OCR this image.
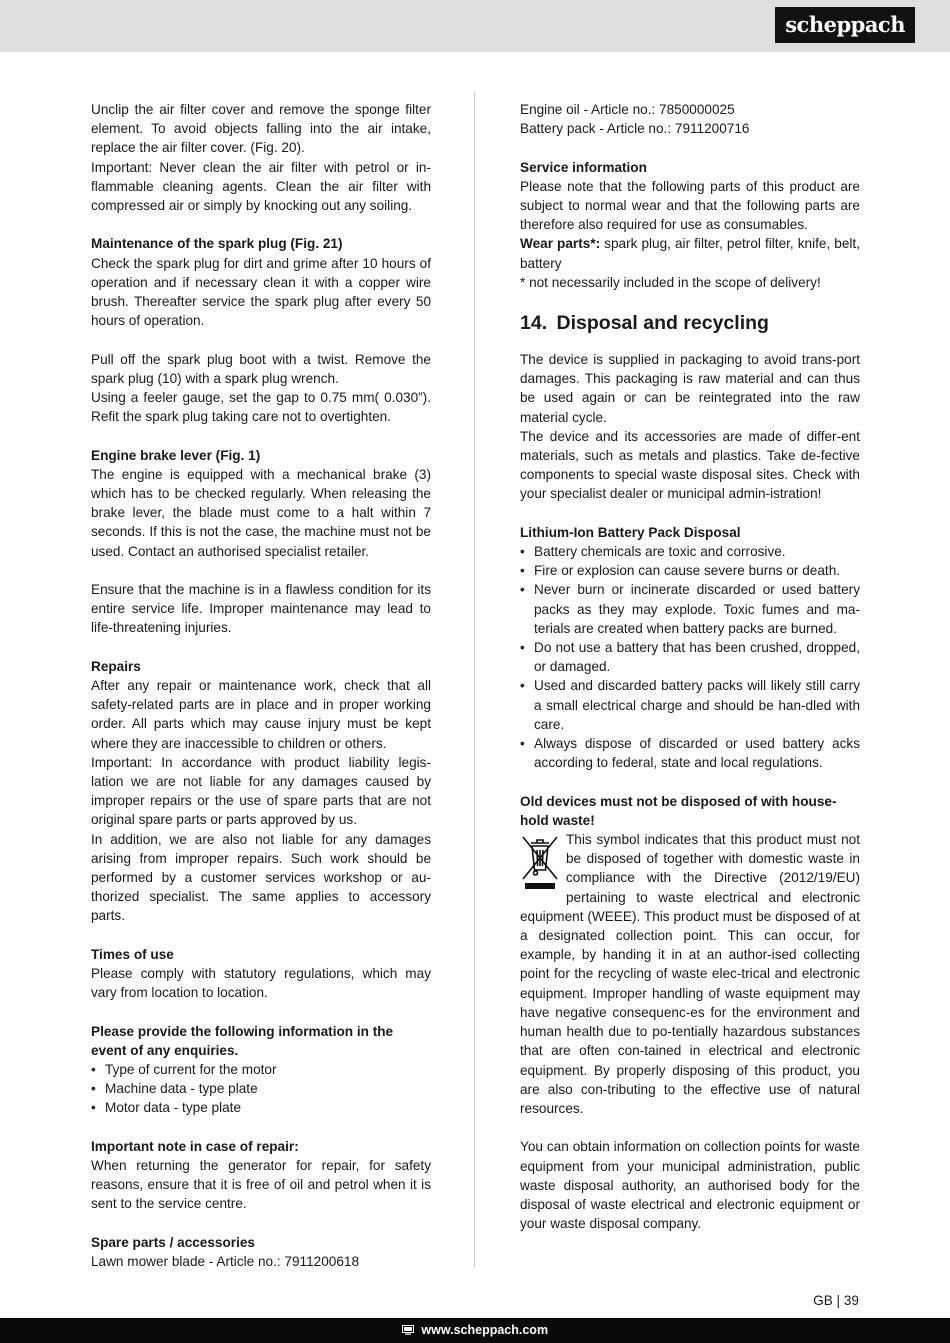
scheppach

Unclip the air filter cover and remove the sponge filter element. To avoid objects falling into the air intake, replace the air filter cover. (Fig. 20).

Important: Never clean the air filter with petrol or in-flammable cleaning agents. Clean the air filter with compressed air or simply by knocking out any soiling.

Maintenance of the spark plug (Fig. 21)

Check the spark plug for dirt and grime after 10 hours of operation and if necessary clean it with a copper wire brush. Thereafter service the spark plug after every 50 hours of operation.

Pull off the spark plug boot with a twist. Remove the spark plug (10) with a spark plug wrench.

Using a feeler gauge, set the gap to 0.75 mm( 0.030”). Refit the spark plug taking care not to overtighten.

Engine brake lever (Fig. 1)

The engine is equipped with a mechanical brake (3) which has to be checked regularly. When releasing the brake lever, the blade must come to a halt within 7 seconds. If this is not the case, the machine must not be used. Contact an authorised specialist retailer.

Ensure that the machine is in a flawless condition for its entire service life. Improper maintenance may lead to life-threatening injuries.

Repairs

After any repair or maintenance work, check that all safety-related parts are in place and in proper working order. All parts which may cause injury must be kept where they are inaccessible to children or others.

Important: In accordance with product liability legis-lation we are not liable for any damages caused by improper repairs or the use of spare parts that are not original spare parts or parts approved by us.

In addition, we are also not liable for any damages arising from improper repairs. Such work should be performed by a customer services workshop or au-thorized specialist. The same applies to accessory parts.

Times of use

Please comply with statutory regulations, which may vary from location to location.

Please provide the following information in the event of any enquiries.

• Type of current for the motor

• Machine data - type plate

• Motor data - type plate

Important note in case of repair:

When returning the generator for repair, for safety reasons, ensure that it is free of oil and petrol when it is sent to the service centre.

Spare parts / accessories

Lawn mower blade - Article no.: 7911200618

Engine oil - Article no.: 7850000025

Battery pack - Article no.: 7911200716

Service information

Please note that the following parts of this product are subject to normal wear and that the following parts are therefore also required for use as consumables.

Wear parts*: spark plug, air filter, petrol filter, knife, belt, battery

* not necessarily included in the scope of delivery!

14. Disposal and recycling

The device is supplied in packaging to avoid trans-port damages. This packaging is raw material and can thus be used again or can be reintegrated into the raw material cycle.

The device and its accessories are made of differ-ent materials, such as metals and plastics. Take de-fective components to special waste disposal sites. Check with your specialist dealer or municipal admin-istration!

Lithium-Ion Battery Pack Disposal

• Battery chemicals are toxic and corrosive.

• Fire or explosion can cause severe burns or death.

• Never burn or incinerate discarded or used battery packs as they may explode. Toxic fumes and ma-terials are created when battery packs are burned.

• Do not use a battery that has been crushed, dropped, or damaged.

• Used and discarded battery packs will likely still carry a small electrical charge and should be han-dled with care.

• Always dispose of discarded or used battery acks according to federal, state and local regulations.

Old devices must not be disposed of with house-hold waste!

This symbol indicates that this product must not be disposed of together with domestic waste in compliance with the Directive (2012/19/EU) pertaining to waste electrical and electronic equipment (WEEE). This product must be disposed of at a designated collection point. This can occur, for example, by handing it in at an author-ised collecting point for the recycling of waste elec-trical and electronic equipment. Improper handling of waste equipment may have negative consequenc-es for the environment and human health due to po-tentially hazardous substances that are often con-tained in electrical and electronic equipment. By properly disposing of this product, you are also con-tributing to the effective use of natural resources.

You can obtain information on collection points for waste equipment from your municipal administration, public waste disposal authority, an authorised body for the disposal of waste electrical and electronic equipment or your waste disposal company.

GB | 39
www.scheppach.com
